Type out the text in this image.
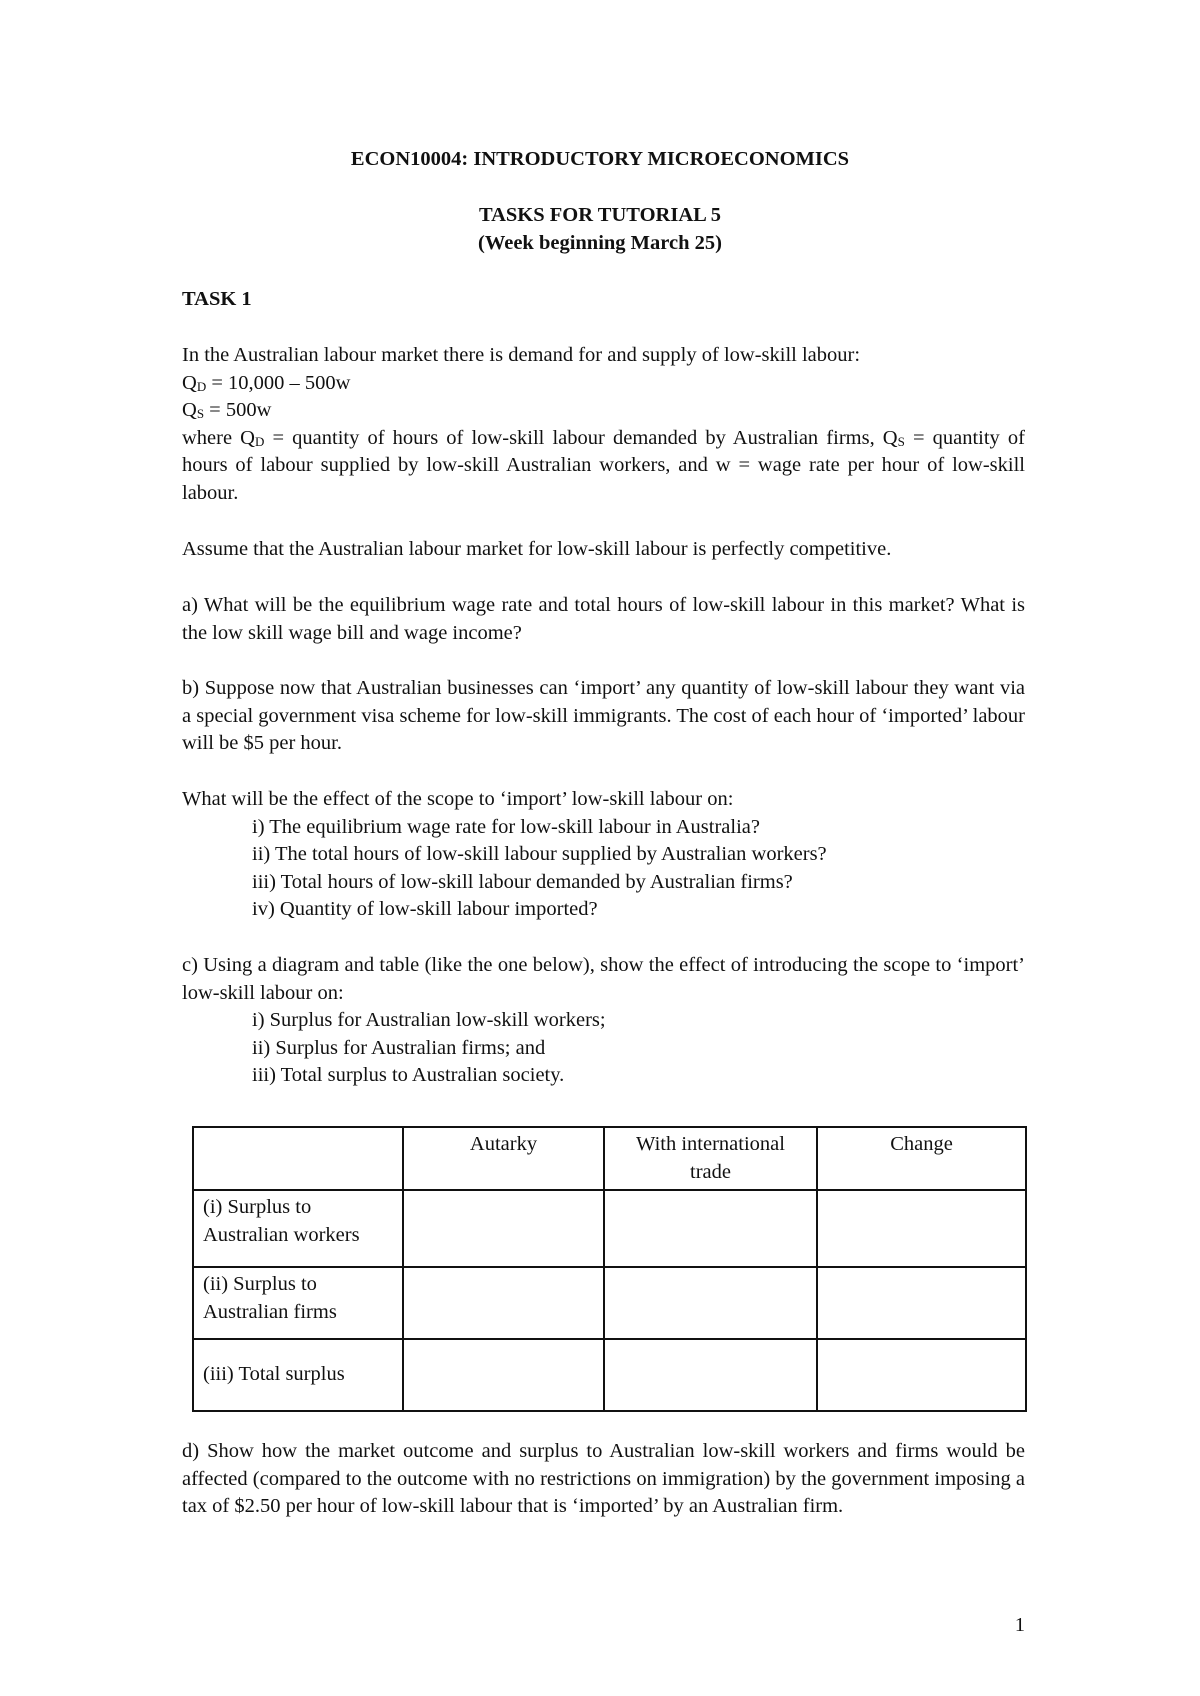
ECON10004: INTRODUCTORY MICROECONOMICS
TASKS FOR TUTORIAL 5
(Week beginning March 25)
TASK 1
In the Australian labour market there is demand for and supply of low-skill labour:
$Q_D = 10,000 - 500w$
$Q_S = 500w$
where $Q_D$ = quantity of hours of low-skill labour demanded by Australian firms, $Q_S$ = quantity of hours of labour supplied by low-skill Australian workers, and w = wage rate per hour of low-skill labour.
Assume that the Australian labour market for low-skill labour is perfectly competitive.
a) What will be the equilibrium wage rate and total hours of low-skill labour in this market? What is the low skill wage bill and wage income?
b) Suppose now that Australian businesses can ‘import’ any quantity of low-skill labour they want via a special government visa scheme for low-skill immigrants. The cost of each hour of ‘imported’ labour will be $5 per hour.
What will be the effect of the scope to ‘import’ low-skill labour on:
i) The equilibrium wage rate for low-skill labour in Australia?
ii) The total hours of low-skill labour supplied by Australian workers?
iii) Total hours of low-skill labour demanded by Australian firms?
iv) Quantity of low-skill labour imported?
c) Using a diagram and table (like the one below), show the effect of introducing the scope to ‘import’ low-skill labour on:
i) Surplus for Australian low-skill workers;
ii) Surplus for Australian firms; and
iii) Total surplus to Australian society.
	Autarky	With international trade	Change
(i) Surplus to Australian workers			
(ii) Surplus to Australian firms			
(iii) Total surplus			
d) Show how the market outcome and surplus to Australian low-skill workers and firms would be affected (compared to the outcome with no restrictions on immigration) by the government imposing a tax of $2.50 per hour of low-skill labour that is ‘imported’ by an Australian firm.
1
